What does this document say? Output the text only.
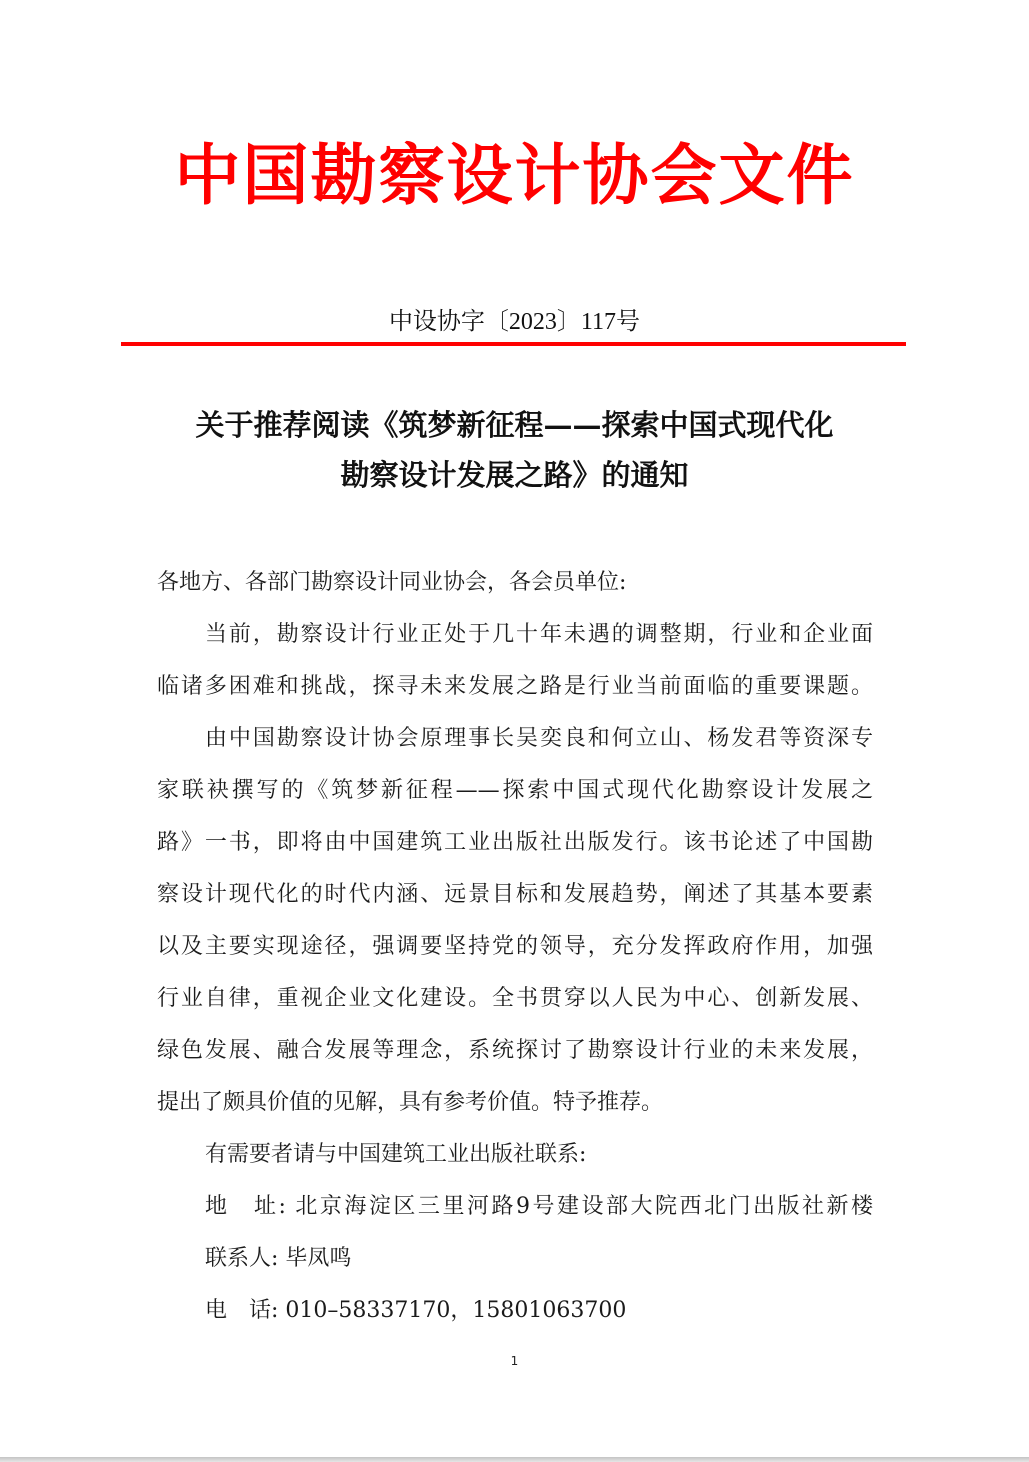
中国勘察设计协会文件
中设协字〔2023〕117号
关于推荐阅读《筑梦新征程——探索中国式现代化
勘察设计发展之路》的通知
各地方、各部门勘察设计同业协会，各会员单位:
当前，勘察设计行业正处于几十年未遇的调整期，行业和企业面
临诸多困难和挑战，探寻未来发展之路是行业当前面临的重要课题。
由中国勘察设计协会原理事长吴奕良和何立山、杨发君等资深专
家联袂撰写的《筑梦新征程——探索中国式现代化勘察设计发展之
路》一书，即将由中国建筑工业出版社出版发行。该书论述了中国勘
察设计现代化的时代内涵、远景目标和发展趋势，阐述了其基本要素
以及主要实现途径，强调要坚持党的领导，充分发挥政府作用，加强
行业自律，重视企业文化建设。全书贯穿以人民为中心、创新发展、
绿色发展、融合发展等理念，系统探讨了勘察设计行业的未来发展，
提出了颇具价值的见解，具有参考价值。特予推荐。
有需要者请与中国建筑工业出版社联系:
地　址: 北京海淀区三里河路9号建设部大院西北门出版社新楼
联系人: 毕凤鸣
电　话: 010–58337170，15801063700
1
